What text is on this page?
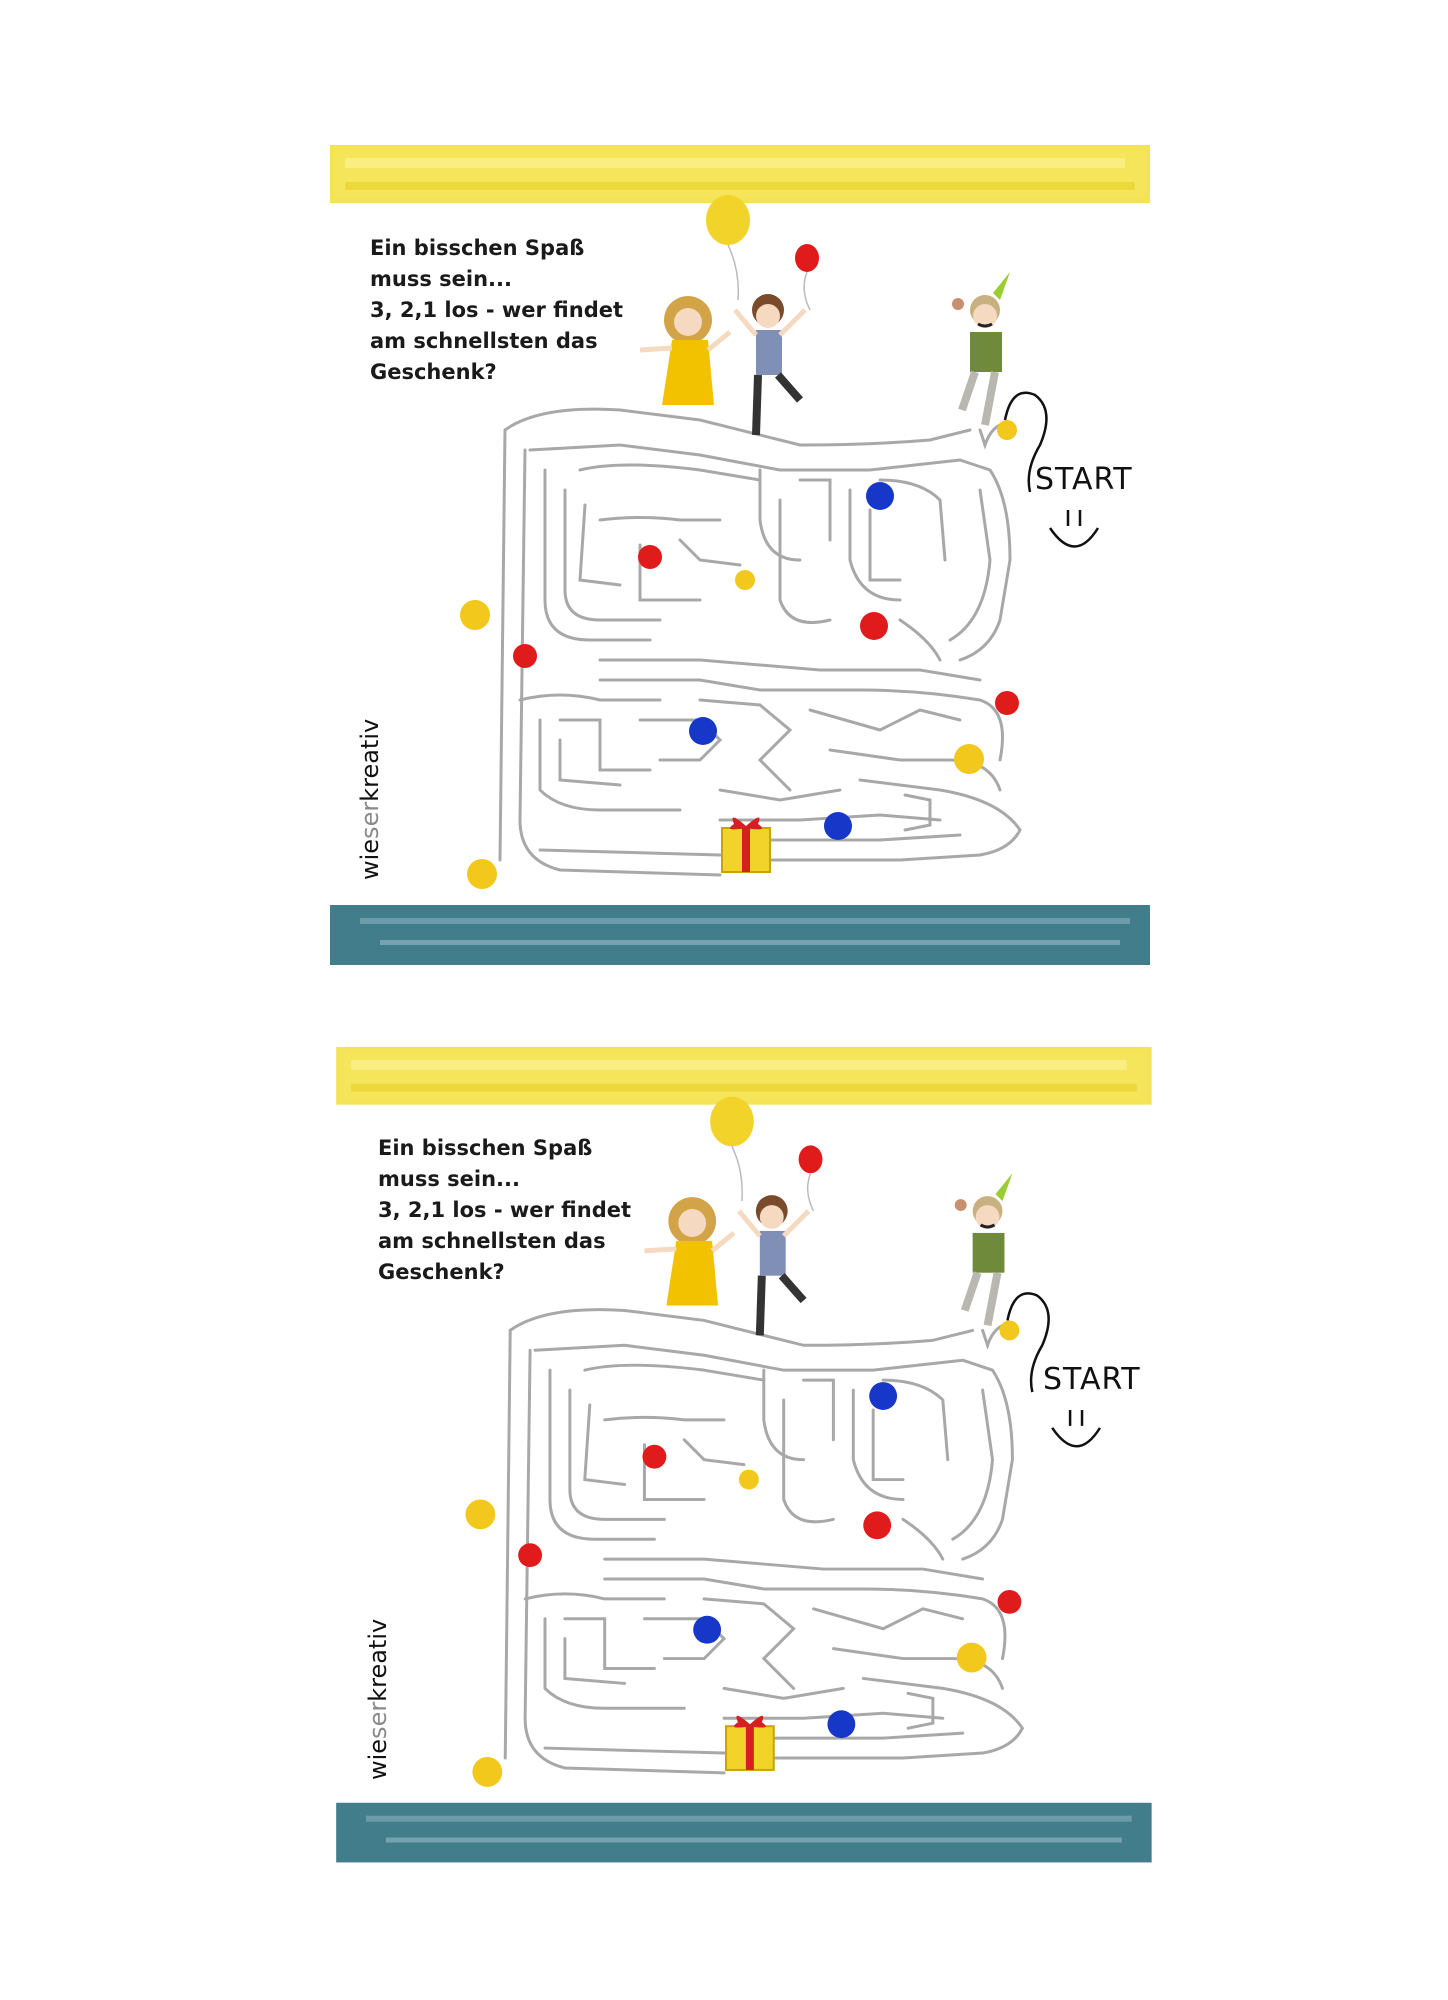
Ein bisschen Spaß
muss sein...
3, 2,1 los - wer findet
am schnellsten das
Geschenk?
START
wieserkreativ
Ein bisschen Spaß
muss sein...
3, 2,1 los - wer findet
am schnellsten das
Geschenk?
START
wieserkreativ
